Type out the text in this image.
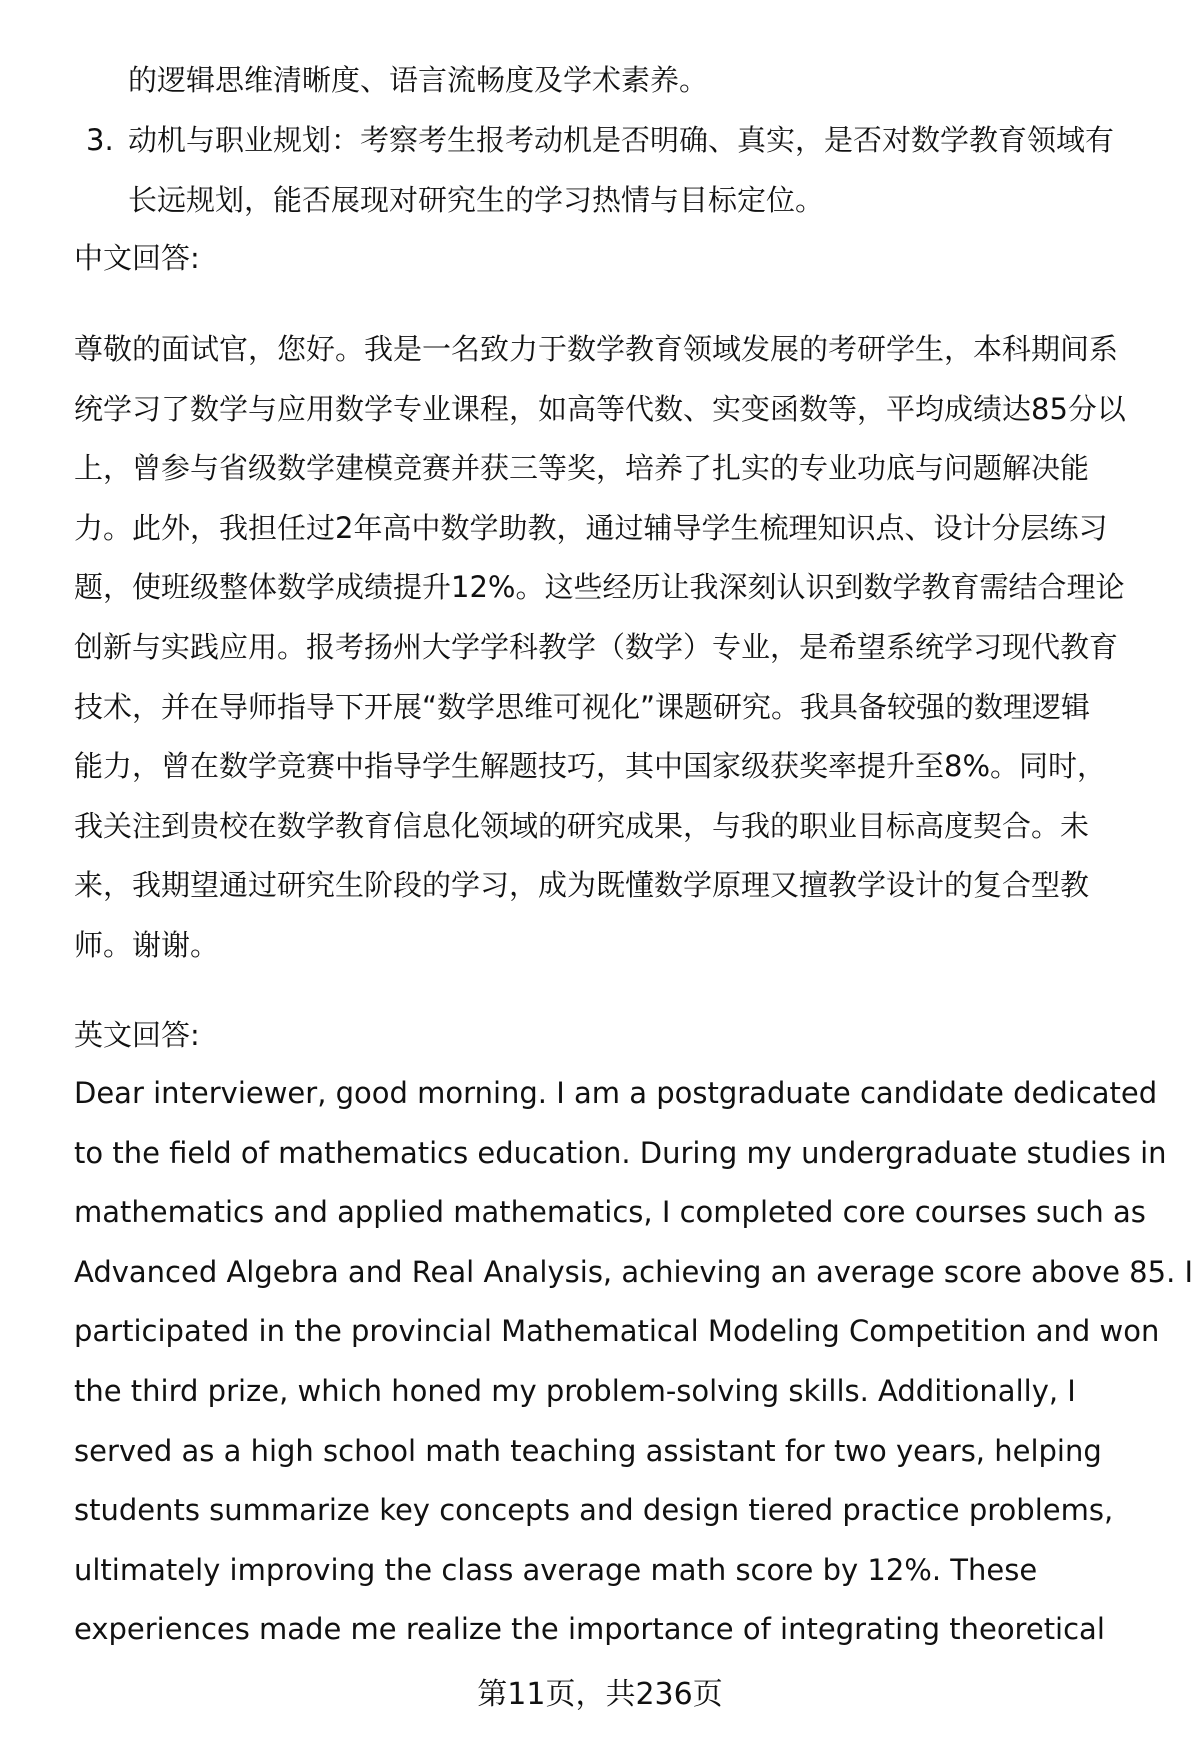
的逻辑思维清晰度、语言流畅度及学术素养。
3. 动机与职业规划：考察考生报考动机是否明确、真实，是否对数学教育领域有
长远规划，能否展现对研究生的学习热情与目标定位。
中文回答:
英文回答:
第11页，共236页
尊敬的面试官，您好。我是一名致力于数学教育领域发展的考研学生，本科期间系
统学习了数学与应用数学专业课程，如高等代数、实变函数等，平均成绩达85分以
上，曾参与省级数学建模竞赛并获三等奖，培养了扎实的专业功底与问题解决能
力。此外，我担任过2年高中数学助教，通过辅导学生梳理知识点、设计分层练习
题，使班级整体数学成绩提升12%。这些经历让我深刻认识到数学教育需结合理论
创新与实践应用。报考扬州大学学科教学（数学）专业，是希望系统学习现代教育
技术，并在导师指导下开展“数学思维可视化”课题研究。我具备较强的数理逻辑
能力，曾在数学竞赛中指导学生解题技巧，其中国家级获奖率提升至8%。同时，
我关注到贵校在数学教育信息化领域的研究成果，与我的职业目标高度契合。未
来，我期望通过研究生阶段的学习，成为既懂数学原理又擅教学设计的复合型教
师。谢谢。
Dear interviewer, good morning. I am a postgraduate candidate dedicated
to the field of mathematics education. During my undergraduate studies in
mathematics and applied mathematics, I completed core courses such as
Advanced Algebra and Real Analysis, achieving an average score above 85. I
participated in the provincial Mathematical Modeling Competition and won
the third prize, which honed my problem-solving skills. Additionally, I
served as a high school math teaching assistant for two years, helping
students summarize key concepts and design tiered practice problems,
ultimately improving the class average math score by 12%. These
experiences made me realize the importance of integrating theoretical
